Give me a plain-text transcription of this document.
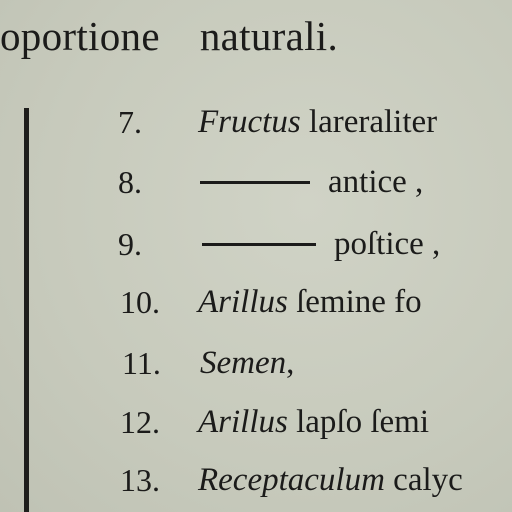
oportione naturali.
7. Fructus lareraliter
8.	antice ,
9.	poſtice ,
10. Arillus ſemine fo
11. Semen,
12. Arillus lapſo ſemi
13. Receptaculum calyc
